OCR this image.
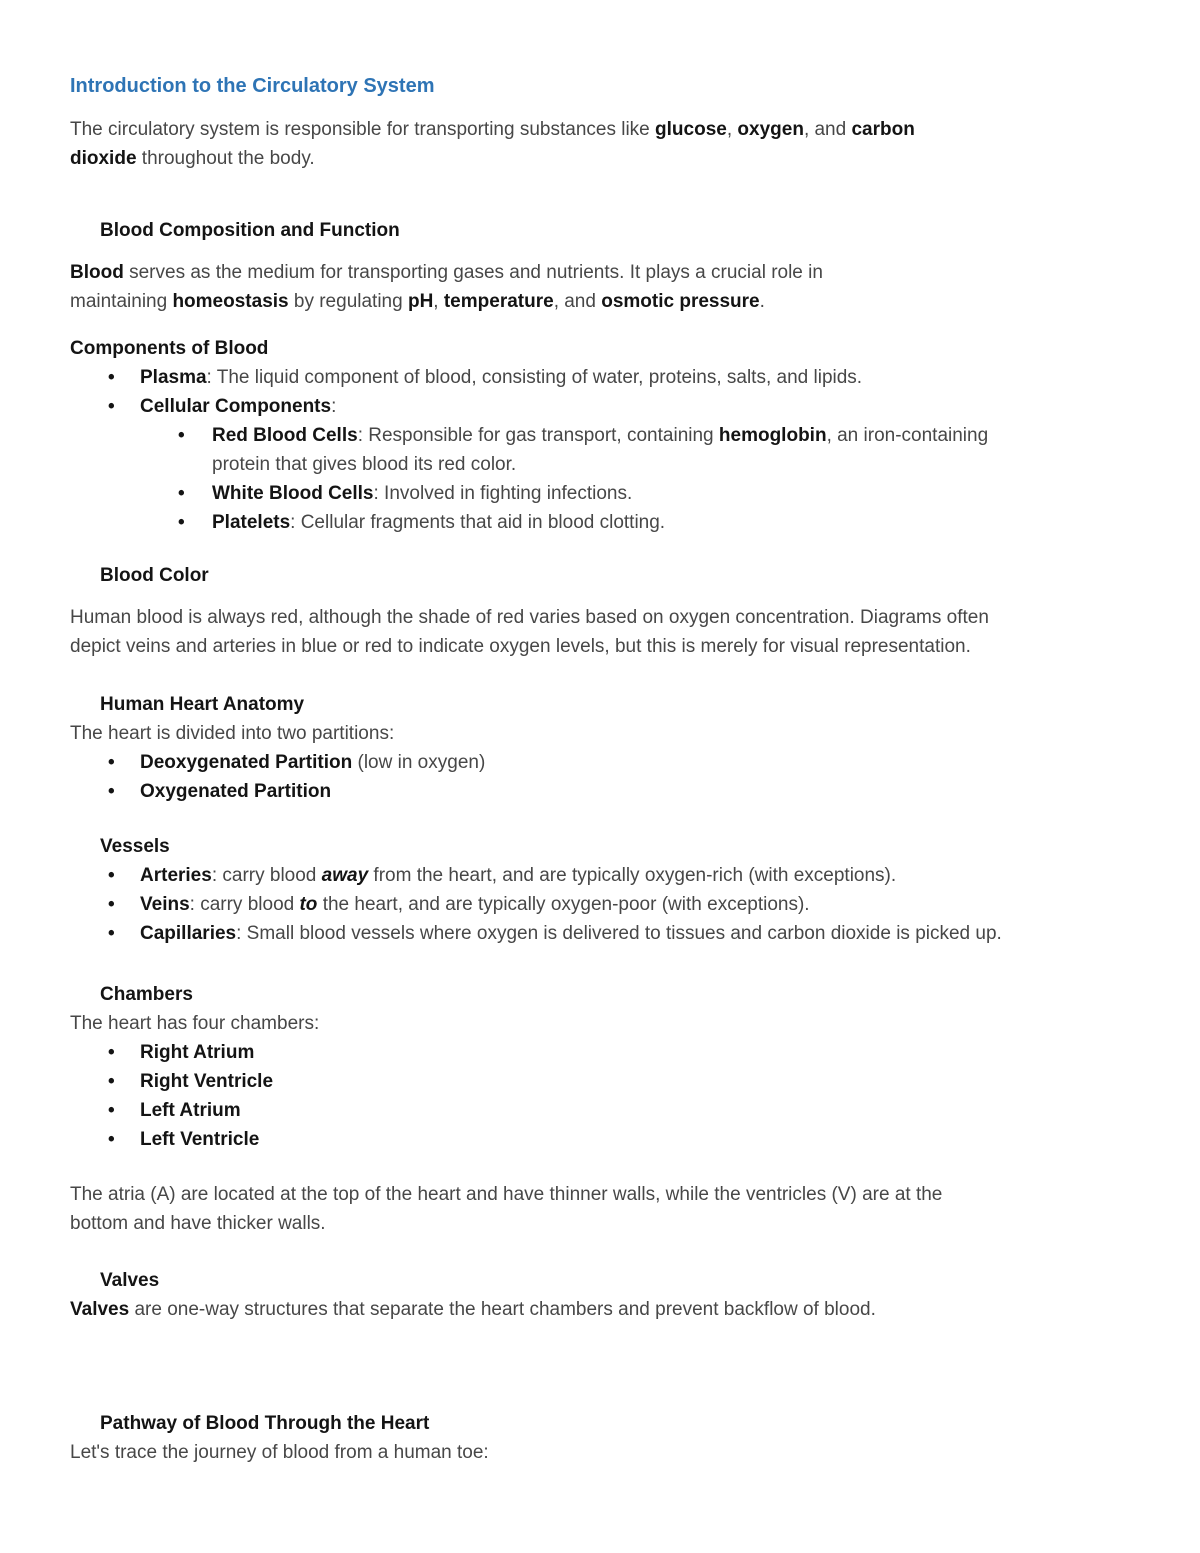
Introduction to the Circulatory System
The circulatory system is responsible for transporting substances like glucose, oxygen, and carbon
dioxide throughout the body.
Blood Composition and Function
Blood serves as the medium for transporting gases and nutrients. It plays a crucial role in
maintaining homeostasis by regulating pH, temperature, and osmotic pressure.
Components of Blood
• Plasma: The liquid component of blood, consisting of water, proteins, salts, and lipids.
• Cellular Components:
• Red Blood Cells: Responsible for gas transport, containing hemoglobin, an iron-containing
protein that gives blood its red color.
• White Blood Cells: Involved in fighting infections.
• Platelets: Cellular fragments that aid in blood clotting.
Blood Color
Human blood is always red, although the shade of red varies based on oxygen concentration. Diagrams often
depict veins and arteries in blue or red to indicate oxygen levels, but this is merely for visual representation.
Human Heart Anatomy
The heart is divided into two partitions:
• Deoxygenated Partition (low in oxygen)
• Oxygenated Partition
Vessels
• Arteries: carry blood away from the heart, and are typically oxygen-rich (with exceptions).
• Veins: carry blood to the heart, and are typically oxygen-poor (with exceptions).
• Capillaries: Small blood vessels where oxygen is delivered to tissues and carbon dioxide is picked up.
Chambers
The heart has four chambers:
• Right Atrium
• Right Ventricle
• Left Atrium
• Left Ventricle
The atria (A) are located at the top of the heart and have thinner walls, while the ventricles (V) are at the
bottom and have thicker walls.
Valves
Valves are one-way structures that separate the heart chambers and prevent backflow of blood.
Pathway of Blood Through the Heart
Let's trace the journey of blood from a human toe:
